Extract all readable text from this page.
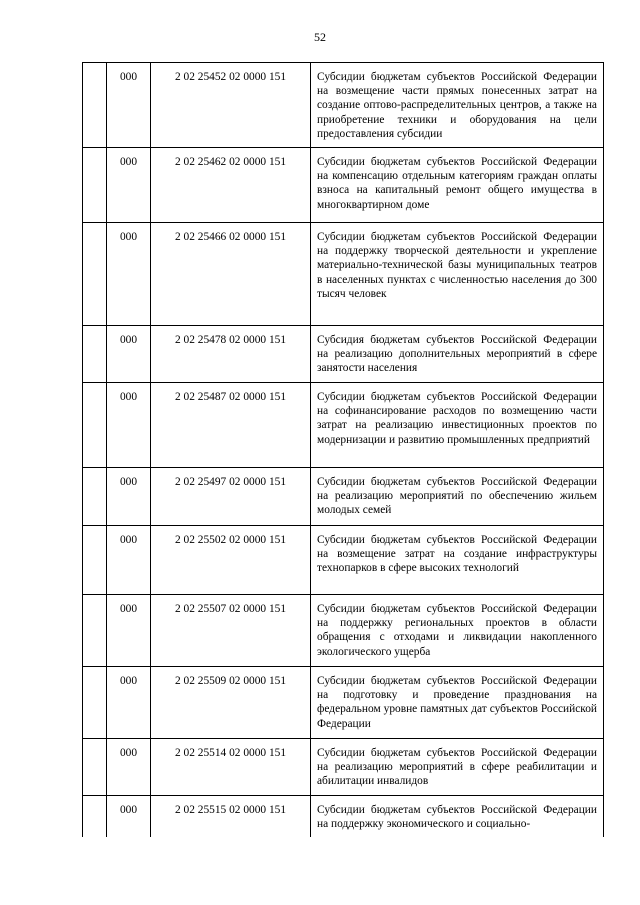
52
	000	2 02 25452 02 0000 151	Субсидии бюджетам субъектов Российской Федерации на возмещение части прямых понесенных затрат на создание оптово-распределительных центров, а также на приобретение техники и оборудования на цели предоставления субсидии
	000	2 02 25462 02 0000 151	Субсидии бюджетам субъектов Российской Федерации на компенсацию отдельным категориям граждан оплаты взноса на капитальный ремонт общего имущества в многоквартирном доме
	000	2 02 25466 02 0000 151	Субсидии бюджетам субъектов Российской Федерации на поддержку творческой деятельности и укрепление материально-технической базы муниципальных театров в населенных пунктах с численностью населения до 300 тысяч человек
	000	2 02 25478 02 0000 151	Субсидия бюджетам субъектов Российской Федерации на реализацию дополнительных мероприятий в сфере занятости населения
	000	2 02 25487 02 0000 151	Субсидии бюджетам субъектов Российской Федерации на софинансирование расходов по возмещению части затрат на реализацию инвестиционных проектов по модернизации и развитию промышленных предприятий
	000	2 02 25497 02 0000 151	Субсидии бюджетам субъектов Российской Федерации на реализацию мероприятий по обеспечению жильем молодых семей
	000	2 02 25502 02 0000 151	Субсидии бюджетам субъектов Российской Федерации на возмещение затрат на создание инфраструктуры технопарков в сфере высоких технологий
	000	2 02 25507 02 0000 151	Субсидии бюджетам субъектов Российской Федерации на поддержку региональных проектов в области обращения с отходами и ликвидации накопленного экологического ущерба
	000	2 02 25509 02 0000 151	Субсидии бюджетам субъектов Российской Федерации на подготовку и проведение празднования на федеральном уровне памятных дат субъектов Российской Федерации
	000	2 02 25514 02 0000 151	Субсидии бюджетам субъектов Российской Федерации на реализацию мероприятий в сфере реабилитации и абилитации инвалидов
	000	2 02 25515 02 0000 151	Субсидии бюджетам субъектов Российской Федерации на поддержку экономического и социально-
